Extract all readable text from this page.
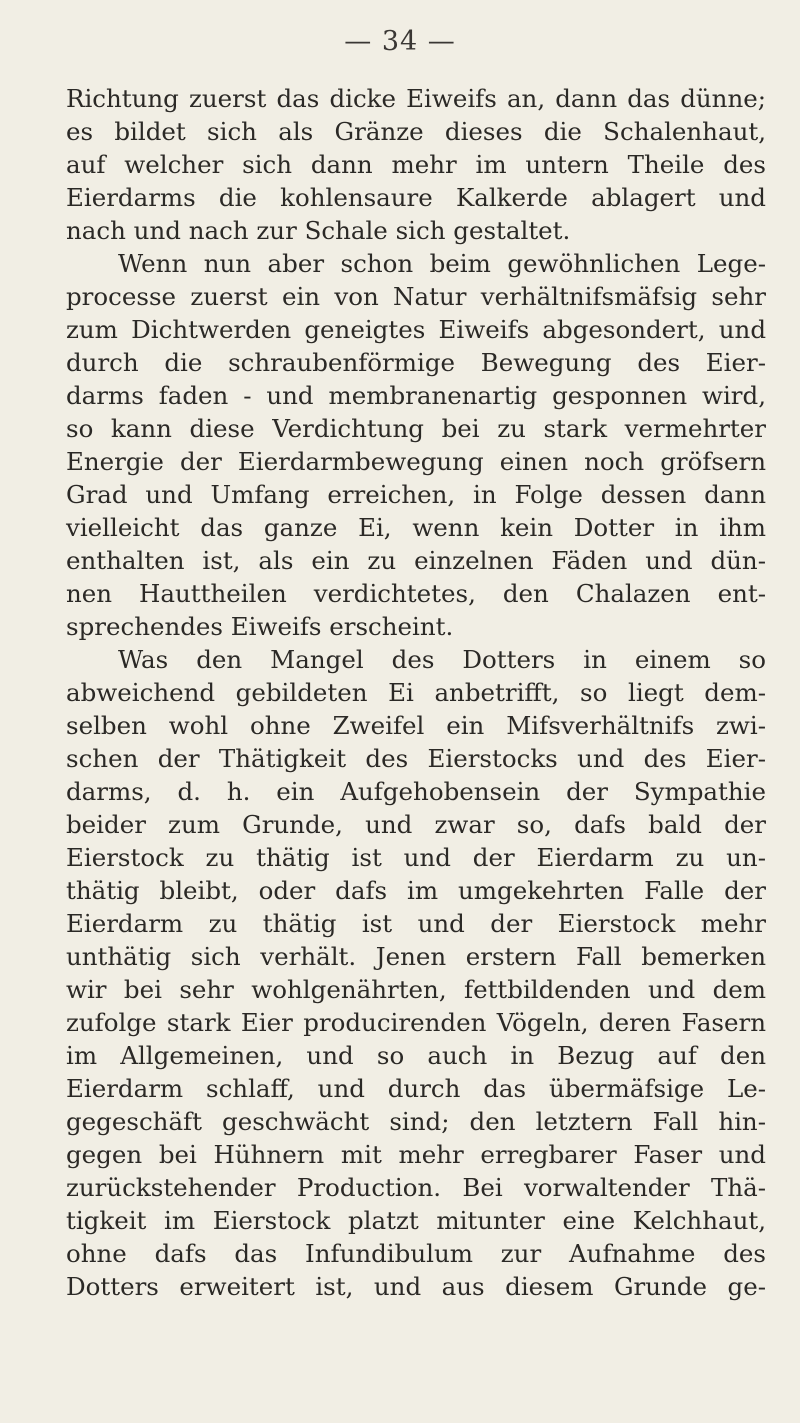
— 34 —
Richtung zuerst das dicke Eiweifs an, dann das dünne;
es bildet sich als Gränze dieses die Schalenhaut,
auf welcher sich dann mehr im untern Theile des
Eierdarms die kohlensaure Kalkerde ablagert und
nach und nach zur Schale sich gestaltet.
Wenn nun aber schon beim gewöhnlichen Lege-
processe zuerst ein von Natur verhältnifsmäfsig sehr
zum Dichtwerden geneigtes Eiweifs abgesondert, und
durch die schraubenförmige Bewegung des Eier-
darms faden - und membranenartig gesponnen wird,
so kann diese Verdichtung bei zu stark vermehrter
Energie der Eierdarmbewegung einen noch gröfsern
Grad und Umfang erreichen, in Folge dessen dann
vielleicht das ganze Ei, wenn kein Dotter in ihm
enthalten ist, als ein zu einzelnen Fäden und dün-
nen Hauttheilen verdichtetes, den Chalazen ent-
sprechendes Eiweifs erscheint.
Was den Mangel des Dotters in einem so
abweichend gebildeten Ei anbetrifft, so liegt dem-
selben wohl ohne Zweifel ein Mifsverhältnifs zwi-
schen der Thätigkeit des Eierstocks und des Eier-
darms, d. h. ein Aufgehobensein der Sympathie
beider zum Grunde, und zwar so, dafs bald der
Eierstock zu thätig ist und der Eierdarm zu un-
thätig bleibt, oder dafs im umgekehrten Falle der
Eierdarm zu thätig ist und der Eierstock mehr
unthätig sich verhält. Jenen erstern Fall bemerken
wir bei sehr wohlgenährten, fettbildenden und dem
zufolge stark Eier producirenden Vögeln, deren Fasern
im Allgemeinen, und so auch in Bezug auf den
Eierdarm schlaff, und durch das übermäfsige Le-
gegeschäft geschwächt sind; den letztern Fall hin-
gegen bei Hühnern mit mehr erregbarer Faser und
zurückstehender Production. Bei vorwaltender Thä-
tigkeit im Eierstock platzt mitunter eine Kelchhaut,
ohne dafs das Infundibulum zur Aufnahme des
Dotters erweitert ist, und aus diesem Grunde ge-
